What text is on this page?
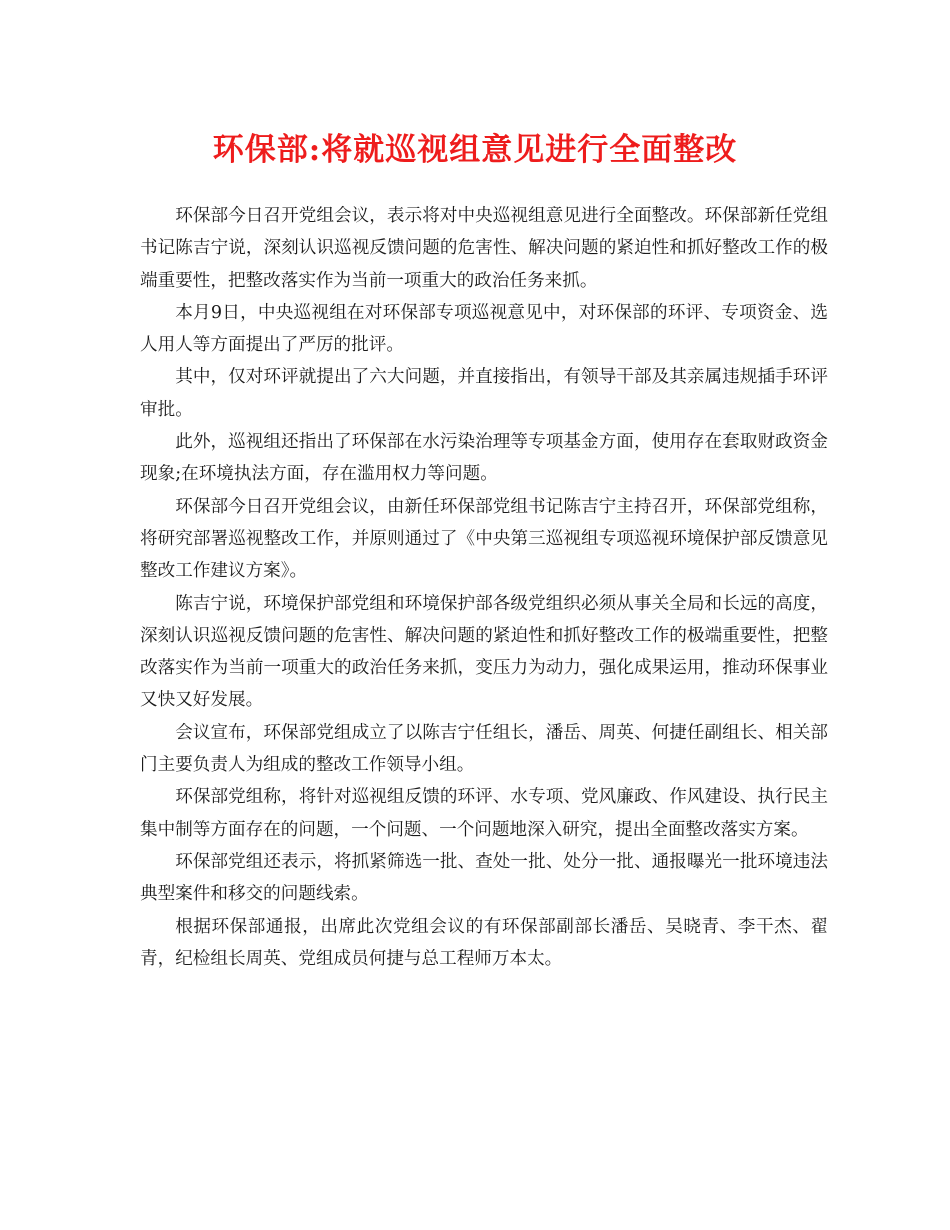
环保部:将就巡视组意见进行全面整改

环保部今日召开党组会议，表示将对中央巡视组意见进行全面整改。环保部新任党组书记陈吉宁说，深刻认识巡视反馈问题的危害性、解决问题的紧迫性和抓好整改工作的极端重要性，把整改落实作为当前一项重大的政治任务来抓。

本月9日，中央巡视组在对环保部专项巡视意见中，对环保部的环评、专项资金、选人用人等方面提出了严厉的批评。

其中，仅对环评就提出了六大问题，并直接指出，有领导干部及其亲属违规插手环评审批。

此外，巡视组还指出了环保部在水污染治理等专项基金方面，使用存在套取财政资金现象;在环境执法方面，存在滥用权力等问题。

环保部今日召开党组会议，由新任环保部党组书记陈吉宁主持召开，环保部党组称，将研究部署巡视整改工作，并原则通过了《中央第三巡视组专项巡视环境保护部反馈意见整改工作建议方案》。

陈吉宁说，环境保护部党组和环境保护部各级党组织必须从事关全局和长远的高度，深刻认识巡视反馈问题的危害性、解决问题的紧迫性和抓好整改工作的极端重要性，把整改落实作为当前一项重大的政治任务来抓，变压力为动力，强化成果运用，推动环保事业又快又好发展。

会议宣布，环保部党组成立了以陈吉宁任组长，潘岳、周英、何捷任副组长、相关部门主要负责人为组成的整改工作领导小组。

环保部党组称，将针对巡视组反馈的环评、水专项、党风廉政、作风建设、执行民主集中制等方面存在的问题，一个问题、一个问题地深入研究，提出全面整改落实方案。

环保部党组还表示，将抓紧筛选一批、查处一批、处分一批、通报曝光一批环境违法典型案件和移交的问题线索。

根据环保部通报，出席此次党组会议的有环保部副部长潘岳、吴晓青、李干杰、翟青，纪检组长周英、党组成员何捷与总工程师万本太。
